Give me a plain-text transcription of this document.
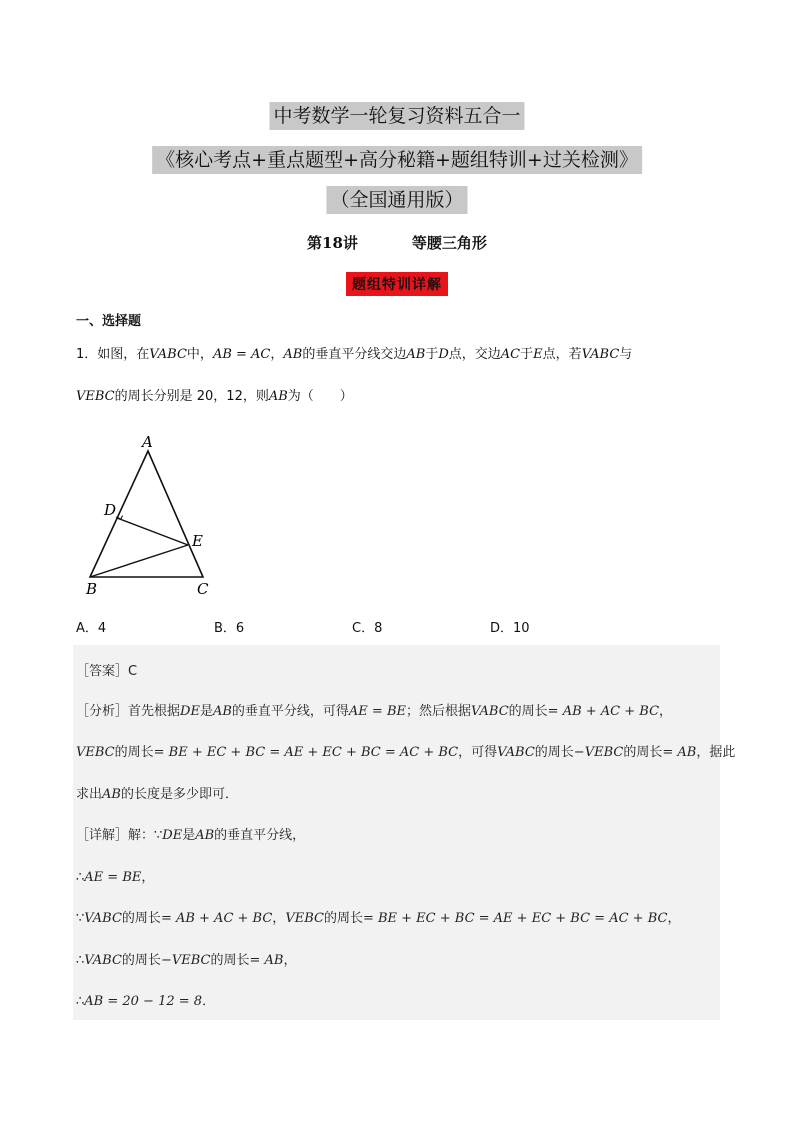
中考数学一轮复习资料五合一
《核心考点+重点题型+高分秘籍+题组特训+过关检测》
（全国通用版）
第18讲	等腰三角形
题组特训详解
一、选择题
1．如图，在VABC中，AB = AC，AB的垂直平分线交边AB于D点，交边AC于E点，若VABC与
VEBC的周长分别是 20，12，则AB为（　　）
A
D
E
B	C
A．4	B．6	C．8	D．10
［答案］C
［分析］首先根据DE是AB的垂直平分线，可得AE = BE；然后根据VABC的周长= AB + AC + BC，
VEBC的周长= BE + EC + BC = AE + EC + BC = AC + BC，可得VABC的周长−VEBC的周长= AB，据此
求出AB的长度是多少即可．
［详解］解：∵DE是AB的垂直平分线，
∴AE = BE，
∵VABC的周长= AB + AC + BC，VEBC的周长= BE + EC + BC = AE + EC + BC = AC + BC，
∴VABC的周长−VEBC的周长= AB，
∴AB = 20 − 12 = 8．
